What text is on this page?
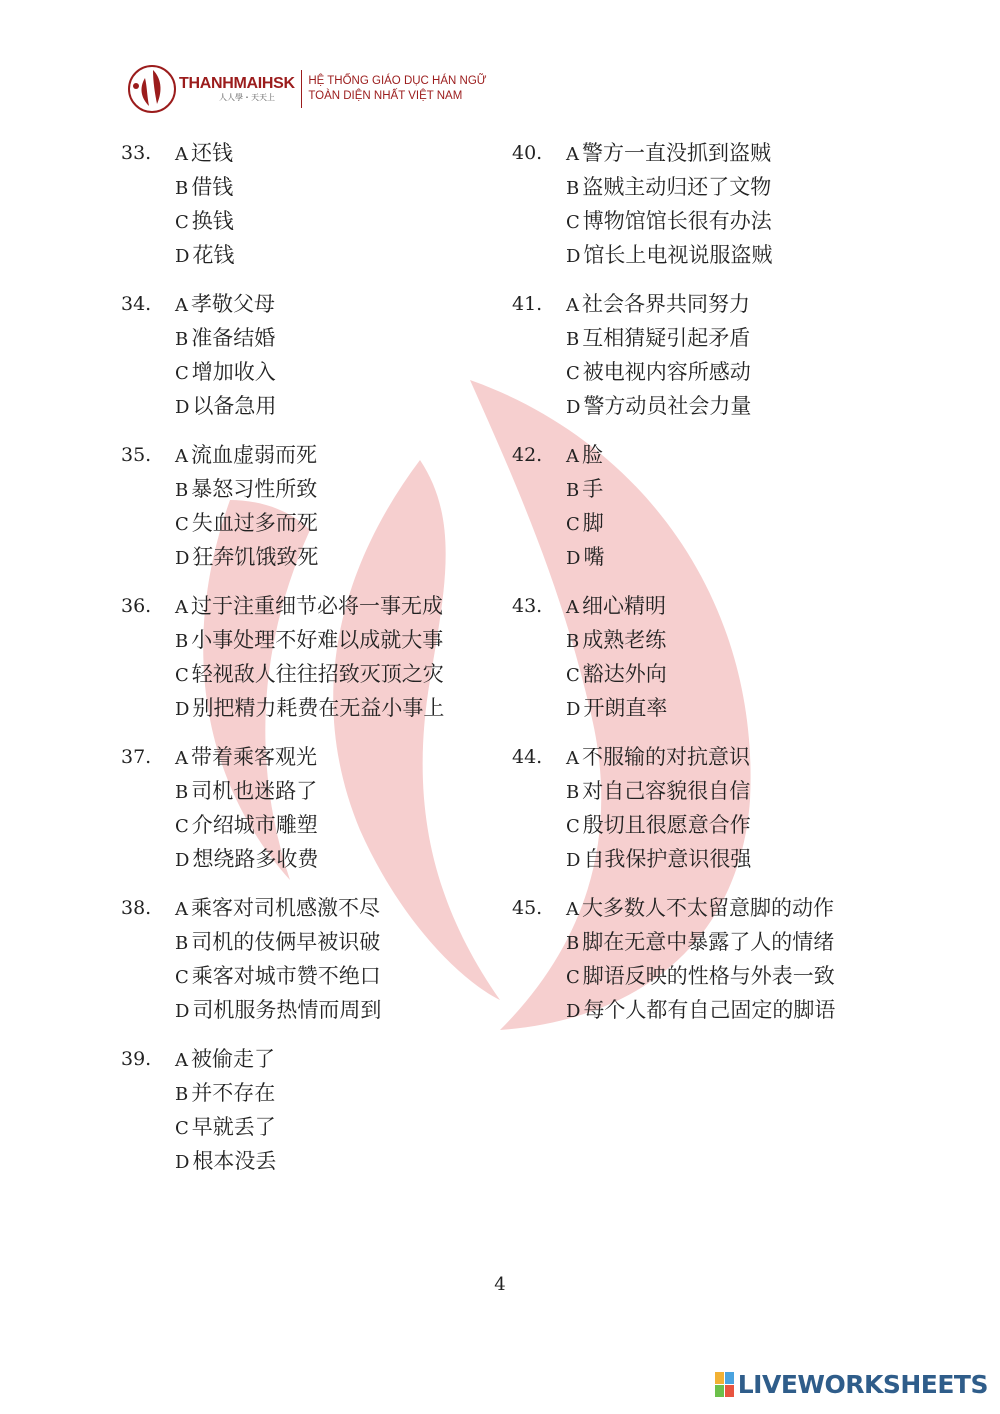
THANHMAIHSK
人人學・天天上
HỆ THỐNG GIÁO DỤC HÁN NGỮ
TOÀN DIỆN NHẤT VIỆT NAM
33.	A 还钱
B 借钱
C 换钱
D 花钱
34.	A 孝敬父母
B 准备结婚
C 增加收入
D 以备急用
35.	A 流血虚弱而死
B 暴怒习性所致
C 失血过多而死
D 狂奔饥饿致死
36.	A 过于注重细节必将一事无成
B 小事处理不好难以成就大事
C 轻视敌人往往招致灭顶之灾
D 别把精力耗费在无益小事上
37.	A 带着乘客观光
B 司机也迷路了
C 介绍城市雕塑
D 想绕路多收费
38.	A 乘客对司机感激不尽
B 司机的伎俩早被识破
C 乘客对城市赞不绝口
D 司机服务热情而周到
39.	A 被偷走了
B 并不存在
C 早就丢了
D 根本没丢
40.	A 警方一直没抓到盗贼
B 盗贼主动归还了文物
C 博物馆馆长很有办法
D 馆长上电视说服盗贼
41.	A 社会各界共同努力
B 互相猜疑引起矛盾
C 被电视内容所感动
D 警方动员社会力量
42.	A 脸
B 手
C 脚
D 嘴
43.	A 细心精明
B 成熟老练
C 豁达外向
D 开朗直率
44.	A 不服输的对抗意识
B 对自己容貌很自信
C 殷切且很愿意合作
D 自我保护意识很强
45.	A 大多数人不太留意脚的动作
B 脚在无意中暴露了人的情绪
C 脚语反映的性格与外表一致
D 每个人都有自己固定的脚语
4
LIVEWORKSHEETS
